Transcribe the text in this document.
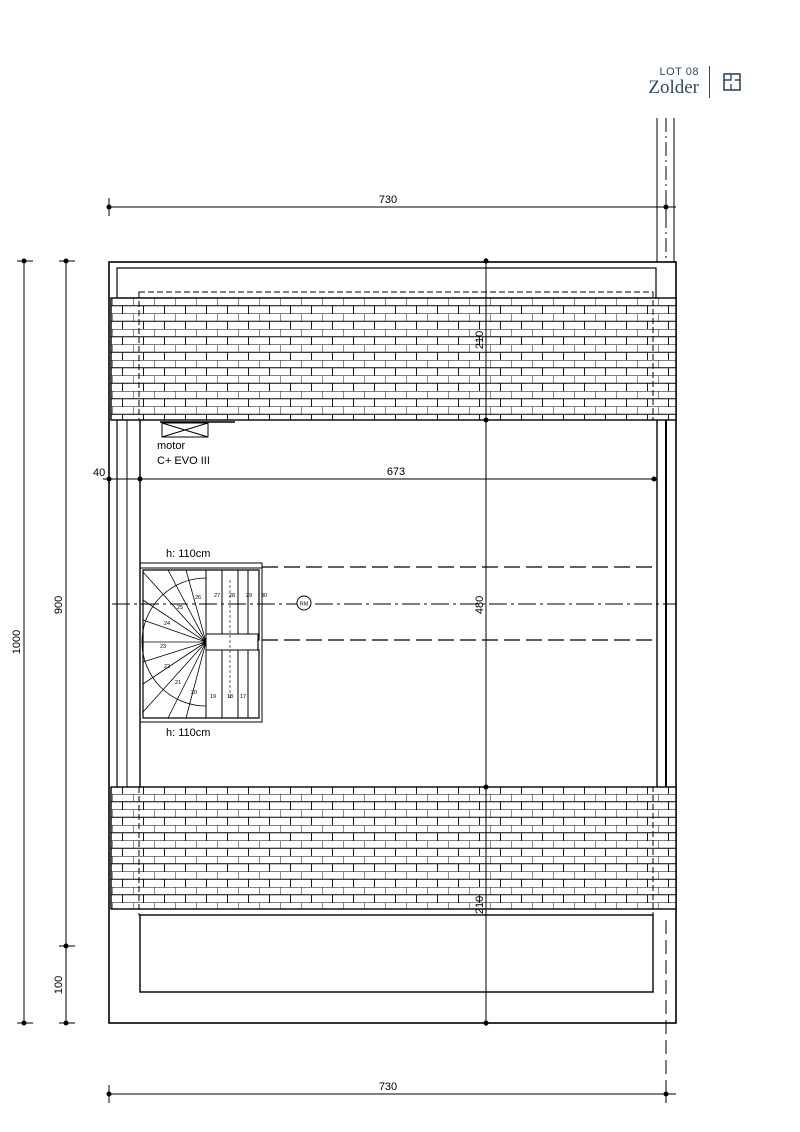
LOT 08
Zolder
730
730
1000
900
100
motor
C+ EVO III
673
40
210
480
210
RM
h: 110cm
17
18
19
20
21
22
23
24
25
26 27 28 29 30
h: 110cm
